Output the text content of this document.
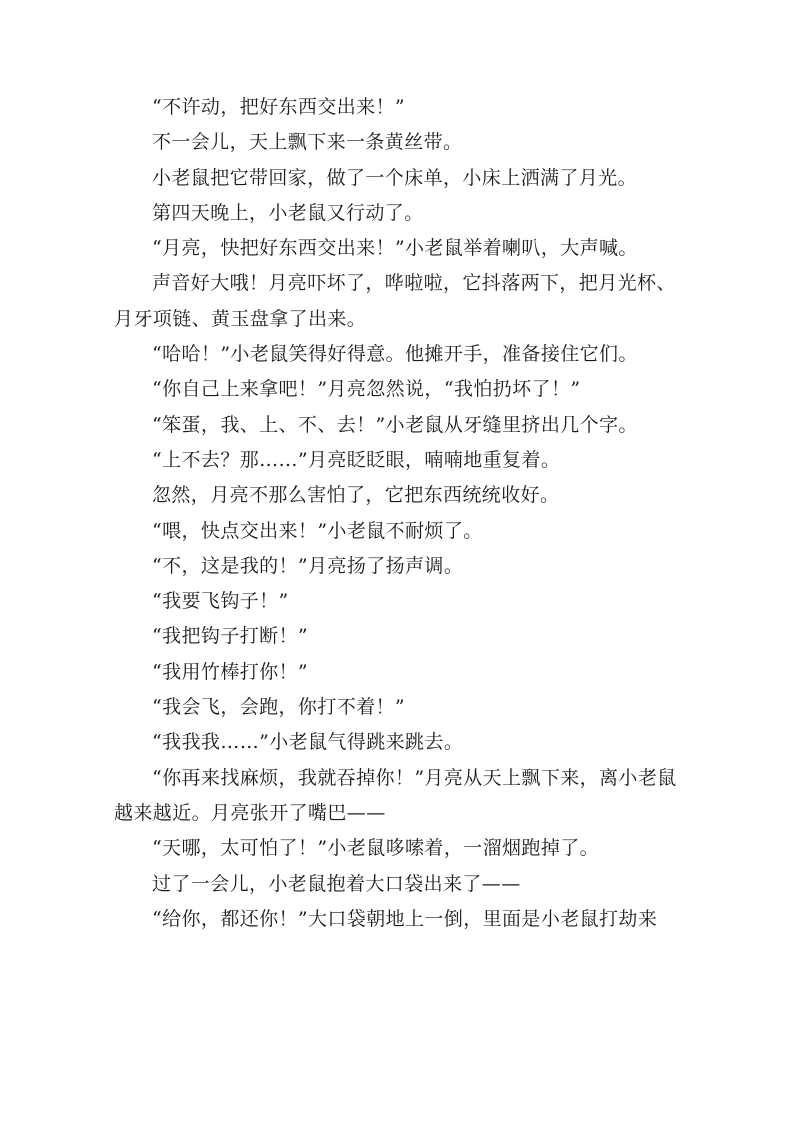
“不许动，把好东西交出来！”

不一会儿，天上飘下来一条黄丝带。

小老鼠把它带回家，做了一个床单，小床上洒满了月光。

第四天晚上，小老鼠又行动了。

“月亮，快把好东西交出来！”小老鼠举着喇叭，大声喊。

声音好大哦！月亮吓坏了，哗啦啦，它抖落两下，把月光杯、月牙项链、黄玉盘拿了出来。

“哈哈！”小老鼠笑得好得意。他摊开手，准备接住它们。

“你自己上来拿吧！”月亮忽然说，“我怕扔坏了！”

“笨蛋，我、上、不、去！”小老鼠从牙缝里挤出几个字。

“上不去？那……”月亮眨眨眼，喃喃地重复着。

忽然，月亮不那么害怕了，它把东西统统收好。

“喂，快点交出来！”小老鼠不耐烦了。

“不，这是我的！”月亮扬了扬声调。

“我要飞钩子！”

“我把钩子打断！”

“我用竹棒打你！”

“我会飞，会跑，你打不着！”

“我我我……”小老鼠气得跳来跳去。

“你再来找麻烦，我就吞掉你！”月亮从天上飘下来，离小老鼠越来越近。月亮张开了嘴巴——

“天哪，太可怕了！”小老鼠哆嗦着，一溜烟跑掉了。

过了一会儿，小老鼠抱着大口袋出来了——

“给你，都还你！”大口袋朝地上一倒，里面是小老鼠打劫来
